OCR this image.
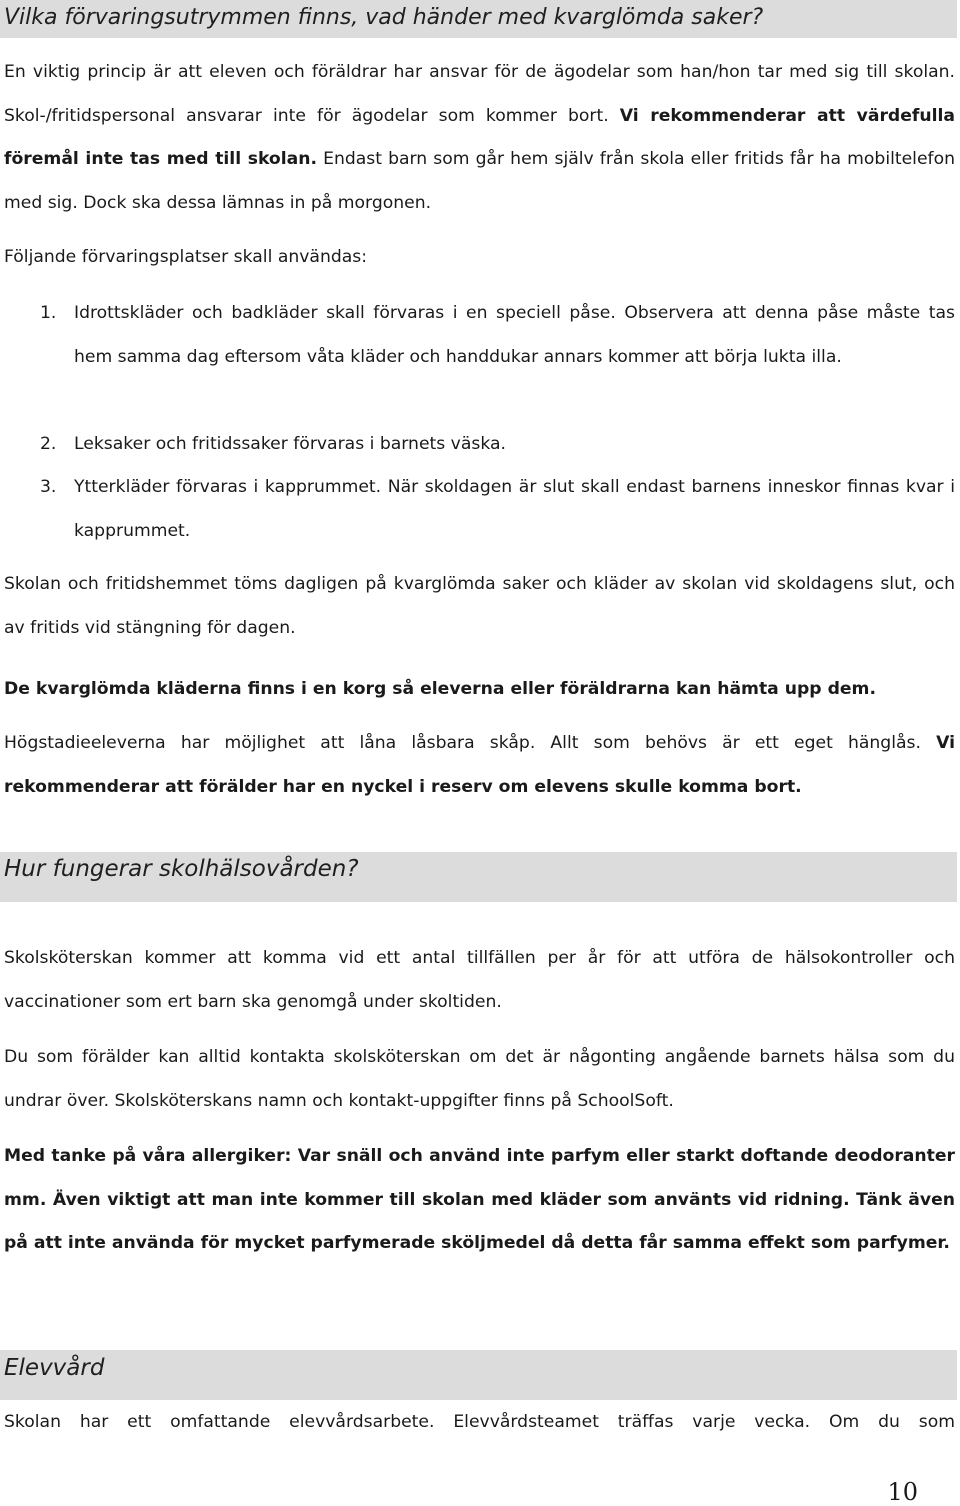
Vilka förvaringsutrymmen finns, vad händer med kvarglömda saker?

En viktig princip är att eleven och föräldrar har ansvar för de ägodelar som han/hon tar med sig till skolan. Skol-/fritidspersonal ansvarar inte för ägodelar som kommer bort. Vi rekommenderar att värdefulla föremål inte tas med till skolan. Endast barn som går hem själv från skola eller fritids får ha mobiltelefon med sig. Dock ska dessa lämnas in på morgonen.

Följande förvaringsplatser skall användas:

1.	Idrottskläder och badkläder skall förvaras i en speciell påse. Observera att denna påse måste tas hem samma dag eftersom våta kläder och handdukar annars kommer att börja lukta illa.
2.	Leksaker och fritidssaker förvaras i barnets väska.
3.	Ytterkläder förvaras i kapprummet. När skoldagen är slut skall endast barnens inneskor finnas kvar i kapprummet.

Skolan och fritidshemmet töms dagligen på kvarglömda saker och kläder av skolan vid skoldagens slut, och av fritids vid stängning för dagen.

De kvarglömda kläderna finns i en korg så eleverna eller föräldrarna kan hämta upp dem.

Högstadieeleverna har möjlighet att låna låsbara skåp. Allt som behövs är ett eget hänglås. Vi rekommenderar att förälder har en nyckel i reserv om elevens skulle komma bort.

Hur fungerar skolhälsovården?

Skolsköterskan kommer att komma vid ett antal tillfällen per år för att utföra de hälsokontroller och vaccinationer som ert barn ska genomgå under skoltiden.

Du som förälder kan alltid kontakta skolsköterskan om det är någonting angående barnets hälsa som du undrar över. Skolsköterskans namn och kontakt-uppgifter finns på SchoolSoft.

Med tanke på våra allergiker: Var snäll och använd inte parfym eller starkt doftande deodoranter mm. Även viktigt att man inte kommer till skolan med kläder som använts vid ridning. Tänk även på att inte använda för mycket parfymerade sköljmedel då detta får samma effekt som parfymer.

Elevvård

Skolan har ett omfattande elevvårdsarbete. Elevvårdsteamet träffas varje vecka. Om du som

10
